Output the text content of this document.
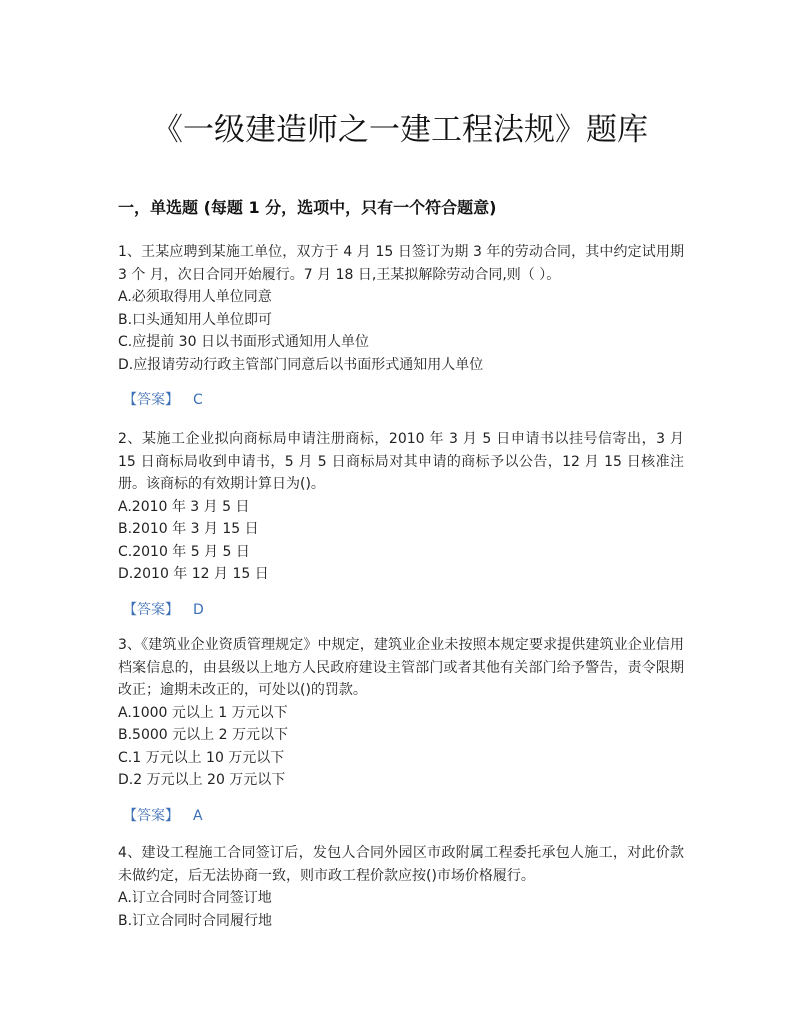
《一级建造师之一建工程法规》题库
一，单选题 (每题 1 分，选项中，只有一个符合题意)

1、王某应聘到某施工单位，双方于 4 月 15 日签订为期 3 年的劳动合同，其中约定试用期 3 个 月，次日合同开始履行。7 月 18 日,王某拟解除劳动合同,则（ ）。

A.必须取得用人单位同意

B.口头通知用人单位即可

C.应提前 30 日以书面形式通知用人单位

D.应报请劳动行政主管部门同意后以书面形式通知用人单位

【答案】 C

2、某施工企业拟向商标局申请注册商标，2010 年 3 月 5 日申请书以挂号信寄出，3 月 15 日商标局收到申请书，5 月 5 日商标局对其申请的商标予以公告，12 月 15 日核准注册。该商标的有效期计算日为()。

A.2010 年 3 月 5 日

B.2010 年 3 月 15 日

C.2010 年 5 月 5 日

D.2010 年 12 月 15 日

【答案】 D

3、《建筑业企业资质管理规定》中规定，建筑业企业未按照本规定要求提供建筑业企业信用档案信息的，由县级以上地方人民政府建设主管部门或者其他有关部门给予警告，责令限期改正；逾期未改正的，可处以()的罚款。

A.1000 元以上 1 万元以下

B.5000 元以上 2 万元以下

C.1 万元以上 10 万元以下

D.2 万元以上 20 万元以下

【答案】 A

4、建设工程施工合同签订后，发包人合同外园区市政附属工程委托承包人施工，对此价款未做约定，后无法协商一致，则市政工程价款应按()市场价格履行。

A.订立合同时合同签订地

B.订立合同时合同履行地
